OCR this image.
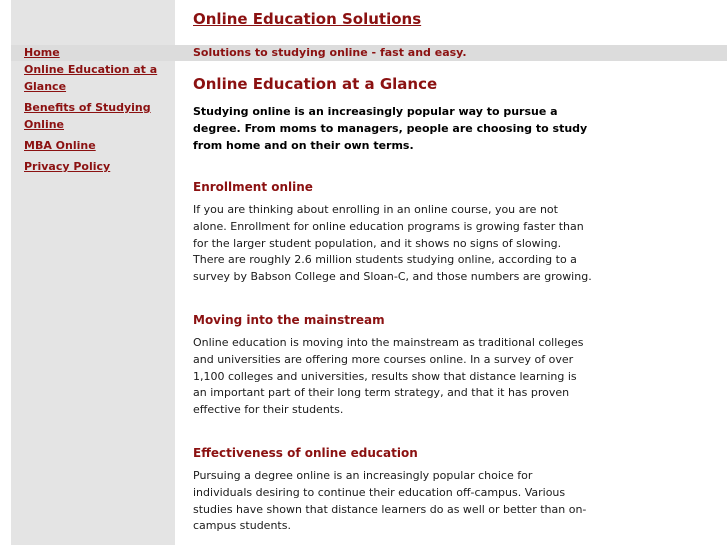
Online Education Solutions
Home
Online Education at a Glance
Benefits of Studying Online
MBA Online
Privacy Policy
Solutions to studying online - fast and easy.
Online Education at a Glance

Studying online is an increasingly popular way to pursue a degree. From moms to managers, people are choosing to study from home and on their own terms.

Enrollment online

If you are thinking about enrolling in an online course, you are not alone. Enrollment for online education programs is growing faster than for the larger student population, and it shows no signs of slowing. There are roughly 2.6 million students studying online, according to a survey by Babson College and Sloan-C, and those numbers are growing.

Moving into the mainstream

Online education is moving into the mainstream as traditional colleges and universities are offering more courses online. In a survey of over 1,100 colleges and universities, results show that distance learning is an important part of their long term strategy, and that it has proven effective for their students.

Effectiveness of online education

Pursuing a degree online is an increasingly popular choice for individuals desiring to continue their education off-campus. Various studies have shown that distance learners do as well or better than on-campus students.
